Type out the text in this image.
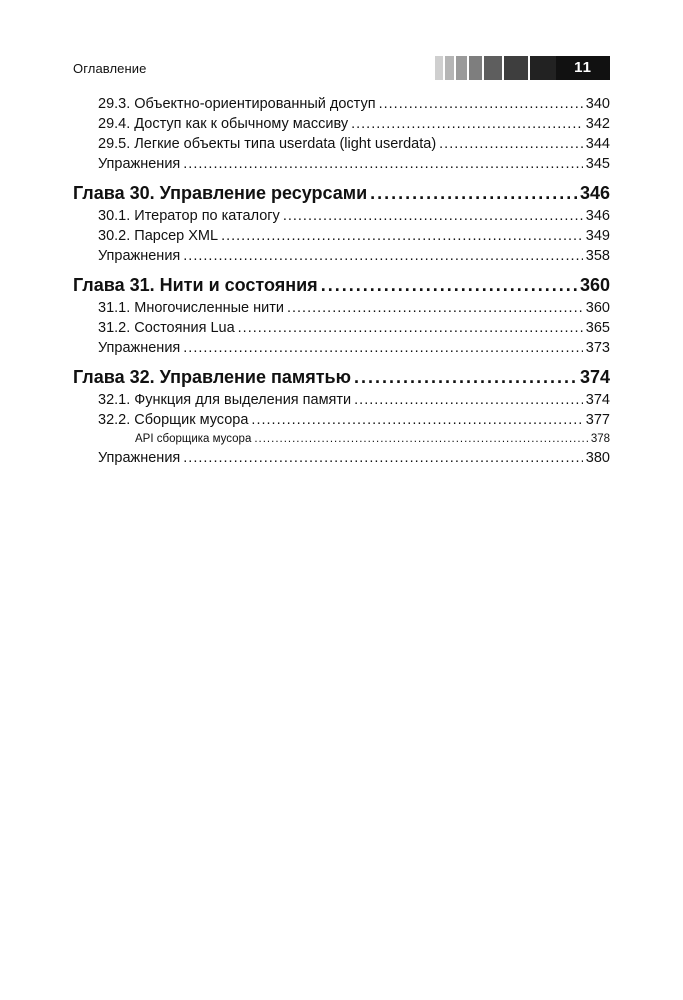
Оглавление	11
29.3. Объектно-ориентированный доступ .....	340
29.4. Доступ как к обычному массиву .....	342
29.5. Легкие объекты типа userdata (light userdata) .....	344
Упражнения .....	345
Глава 30. Управление ресурсами .....	346
30.1. Итератор по каталогу .....	346
30.2. Парсер XML .....	349
Упражнения .....	358
Глава 31. Нити и состояния .....	360
31.1. Многочисленные нити .....	360
31.2. Состояния Lua .....	365
Упражнения .....	373
Глава 32. Управление памятью .....	374
32.1. Функция для выделения памяти .....	374
32.2. Сборщик мусора .....	377
API сборщика мусора .....	378
Упражнения .....	380
